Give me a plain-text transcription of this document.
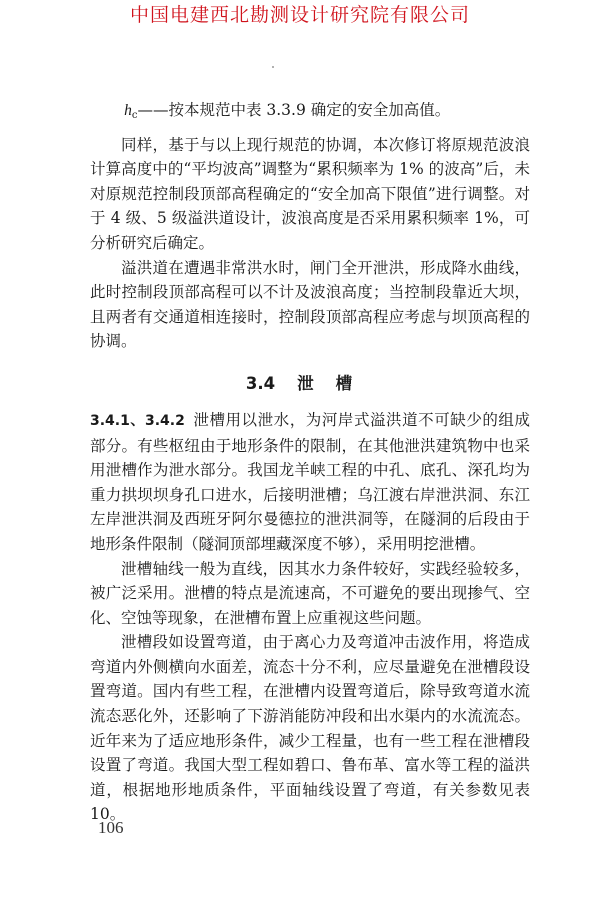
中国电建西北勘测设计研究院有限公司

$h_c——$按本规范中表 3.3.9 确定的安全加高值。

同样，基于与以上现行规范的协调，本次修订将原规范波浪计算高度中的“平均波高”调整为“累积频率为 1% 的波高”后，未对原规范控制段顶部高程确定的“安全加高下限值”进行调整。对于 4 级、5 级溢洪道设计，波浪高度是否采用累积频率 1%，可分析研究后确定。

溢洪道在遭遇非常洪水时，闸门全开泄洪，形成降水曲线，此时控制段顶部高程可以不计及波浪高度；当控制段靠近大坝，且两者有交通道相连接时，控制段顶部高程应考虑与坝顶高程的协调。

3.4 泄槽

3.4.1、3.4.2 泄槽用以泄水，为河岸式溢洪道不可缺少的组成部分。有些枢纽由于地形条件的限制，在其他泄洪建筑物中也采用泄槽作为泄水部分。我国龙羊峡工程的中孔、底孔、深孔均为重力拱坝坝身孔口进水，后接明泄槽；乌江渡右岸泄洪洞、东江左岸泄洪洞及西班牙阿尔曼德拉的泄洪洞等，在隧洞的后段由于地形条件限制（隧洞顶部埋藏深度不够），采用明挖泄槽。

泄槽轴线一般为直线，因其水力条件较好，实践经验较多，被广泛采用。泄槽的特点是流速高，不可避免的要出现掺气、空化、空蚀等现象，在泄槽布置上应重视这些问题。

泄槽段如设置弯道，由于离心力及弯道冲击波作用，将造成弯道内外侧横向水面差，流态十分不利，应尽量避免在泄槽段设置弯道。国内有些工程，在泄槽内设置弯道后，除导致弯道水流流态恶化外，还影响了下游消能防冲段和出水渠内的水流流态。近年来为了适应地形条件，减少工程量，也有一些工程在泄槽段设置了弯道。我国大型工程如碧口、鲁布革、富水等工程的溢洪道，根据地形地质条件，平面轴线设置了弯道，有关参数见表 10。

106
